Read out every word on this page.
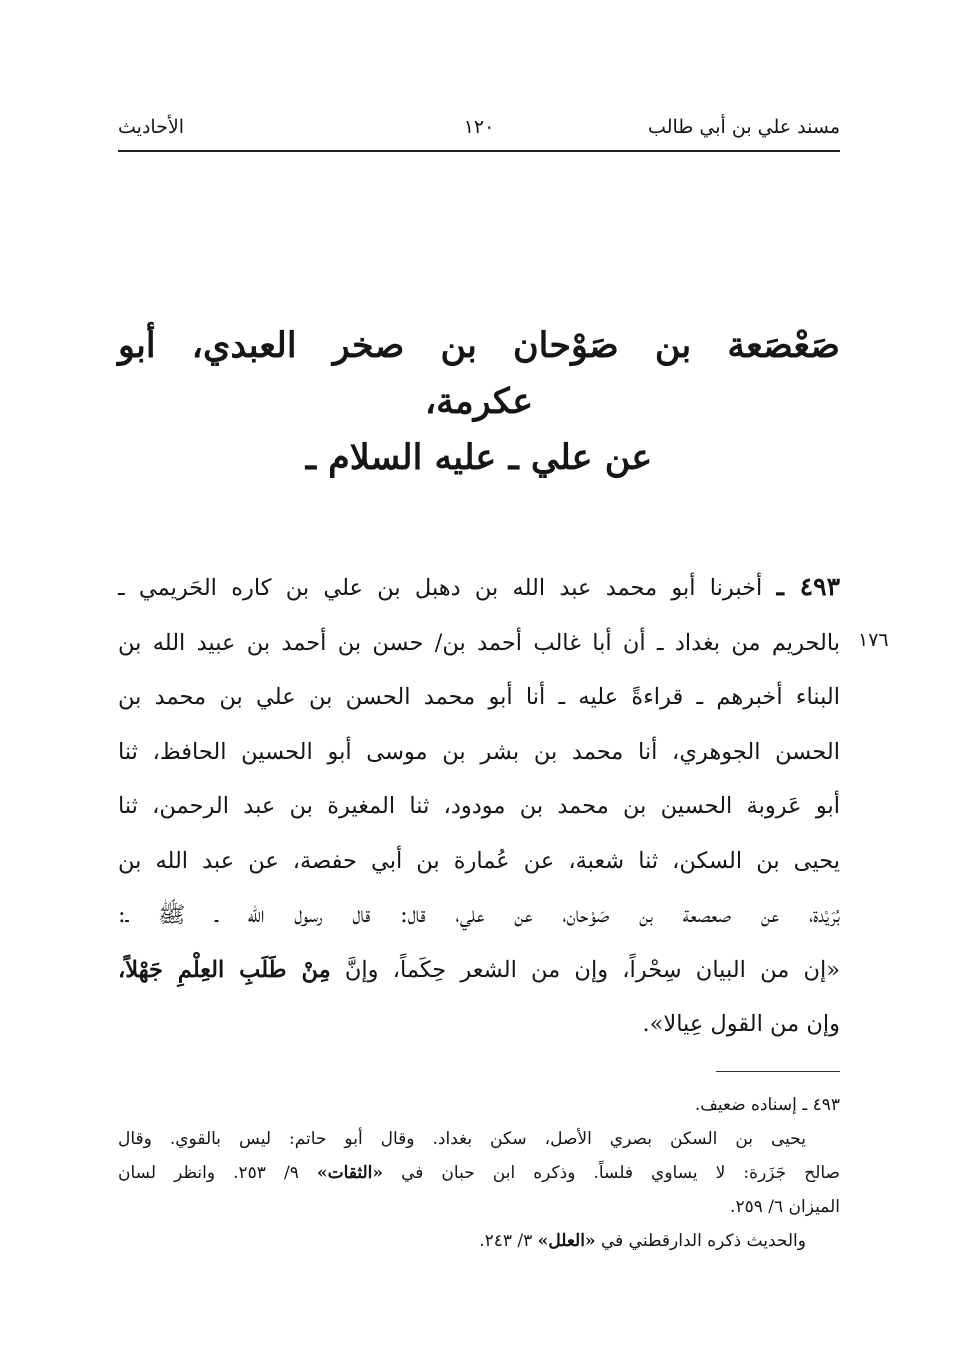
مسند علي بن أبي طالب
١٢٠
الأحاديث
صَعْصَعة بن صَوْحان بن صخر العبدي، أبو
عكرمة،
عن علي ـ عليه السلام ـ
١٧٦
٤٩٣ ـ أخبرنا أبو محمد عبد الله بن دهبل بن علي بن كاره الحَريمي ـ
بالحريم من بغداد ـ أن أبا غالب أحمد بن/ حسن بن أحمد بن عبيد الله بن
البناء أخبرهم ـ قراءةً عليه ـ أنا أبو محمد الحسن بن علي بن محمد بن
الحسن الجوهري، أنا محمد بن بشر بن موسى أبو الحسين الحافظ، ثنا
أبو عَروبة الحسين بن محمد بن مودود، ثنا المغيرة بن عبد الرحمن، ثنا
يحيى بن السكن، ثنا شعبة، عن عُمارة بن أبي حفصة، عن عبد الله بن
بُرَيْدة، عن صعصعة بن صَوْحان، عن علي، قال: قال رسول الله ـ ﷺ ـ:
«إن من البيان سِحْراً، وإن من الشعر حِكَماً، وإنَّ مِنْ طَلَبِ العِلْمِ جَهْلاً،
وإن من القول عِيالا».
٤٩٣ ـ إسناده ضعيف.
يحيى بن السكن بصري الأصل، سكن بغداد. وقال أبو حاتم: ليس بالقوي. وقال
صالح جَزَرة: لا يساوي فلساً. وذكره ابن حبان في «الثقات» ٩/ ٢٥٣. وانظر لسان
الميزان ٦/ ٢٥٩.
والحديث ذكره الدارقطني في «العلل» ٣/ ٢٤٣.
